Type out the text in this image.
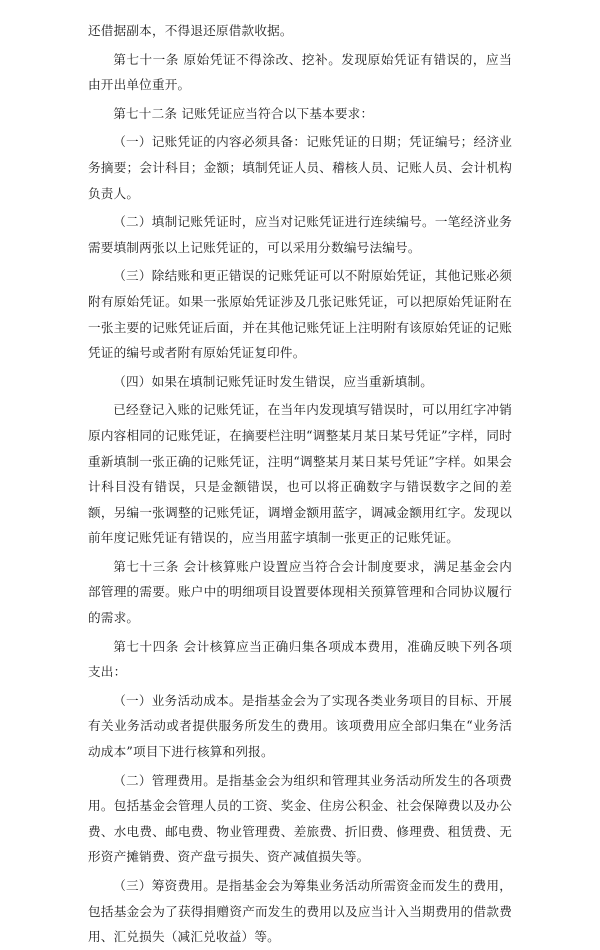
还借据副本，不得退还原借款收据。

第七十一条 原始凭证不得涂改、挖补。发现原始凭证有错误的，应当由开出单位重开。

第七十二条 记账凭证应当符合以下基本要求：

（一）记账凭证的内容必须具备：记账凭证的日期；凭证编号；经济业务摘要；会计科目；金额；填制凭证人员、稽核人员、记账人员、会计机构负责人。

（二）填制记账凭证时，应当对记账凭证进行连续编号。一笔经济业务需要填制两张以上记账凭证的，可以采用分数编号法编号。

（三）除结账和更正错误的记账凭证可以不附原始凭证，其他记账必须附有原始凭证。如果一张原始凭证涉及几张记账凭证，可以把原始凭证附在一张主要的记账凭证后面，并在其他记账凭证上注明附有该原始凭证的记账凭证的编号或者附有原始凭证复印件。

（四）如果在填制记账凭证时发生错误，应当重新填制。

已经登记入账的记账凭证，在当年内发现填写错误时，可以用红字冲销原内容相同的记账凭证，在摘要栏注明“调整某月某日某号凭证”字样，同时重新填制一张正确的记账凭证，注明“调整某月某日某号凭证”字样。如果会计科目没有错误，只是金额错误，也可以将正确数字与错误数字之间的差额，另编一张调整的记账凭证，调增金额用蓝字，调减金额用红字。发现以前年度记账凭证有错误的，应当用蓝字填制一张更正的记账凭证。

第七十三条 会计核算账户设置应当符合会计制度要求，满足基金会内部管理的需要。账户中的明细项目设置要体现相关预算管理和合同协议履行的需求。

第七十四条 会计核算应当正确归集各项成本费用，准确反映下列各项支出：

（一）业务活动成本。是指基金会为了实现各类业务项目的目标、开展有关业务活动或者提供服务所发生的费用。该项费用应全部归集在“业务活动成本”项目下进行核算和列报。

（二）管理费用。是指基金会为组织和管理其业务活动所发生的各项费用。包括基金会管理人员的工资、奖金、住房公积金、社会保障费以及办公费、水电费、邮电费、物业管理费、差旅费、折旧费、修理费、租赁费、无形资产摊销费、资产盘亏损失、资产减值损失等。

（三）筹资费用。是指基金会为筹集业务活动所需资金而发生的费用，包括基金会为了获得捐赠资产而发生的费用以及应当计入当期费用的借款费用、汇兑损失（减汇兑收益）等。
